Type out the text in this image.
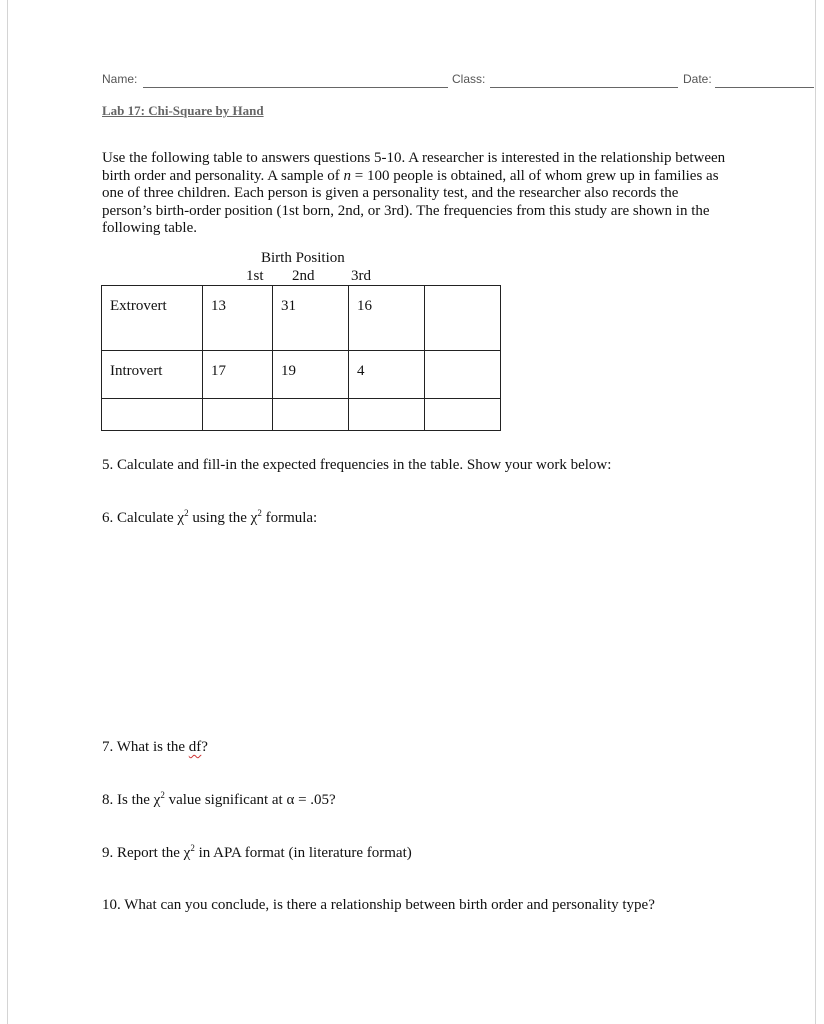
Name:	Class:	Date:
Lab 17: Chi-Square by Hand
Use the following table to answers questions 5-10. A researcher is interested in the relationship between birth order and personality. A sample of n = 100 people is obtained, all of whom grew up in families as one of three children. Each person is given a personality test, and the researcher also records the person’s birth-order position (1st born, 2nd, or 3rd). The frequencies from this study are shown in the following table.
Birth Position
1st 2nd 3rd
Extrovert	13	31	16	
Introvert	17	19	4	

5. Calculate and fill-in the expected frequencies in the table. Show your work below:
6. Calculate $\chi^2$ using the $\chi^2$ formula:
7. What is the df?
8. Is the $\chi^2$ value significant at α = .05?
9. Report the $\chi^2$ in APA format (in literature format)
10. What can you conclude, is there a relationship between birth order and personality type?
